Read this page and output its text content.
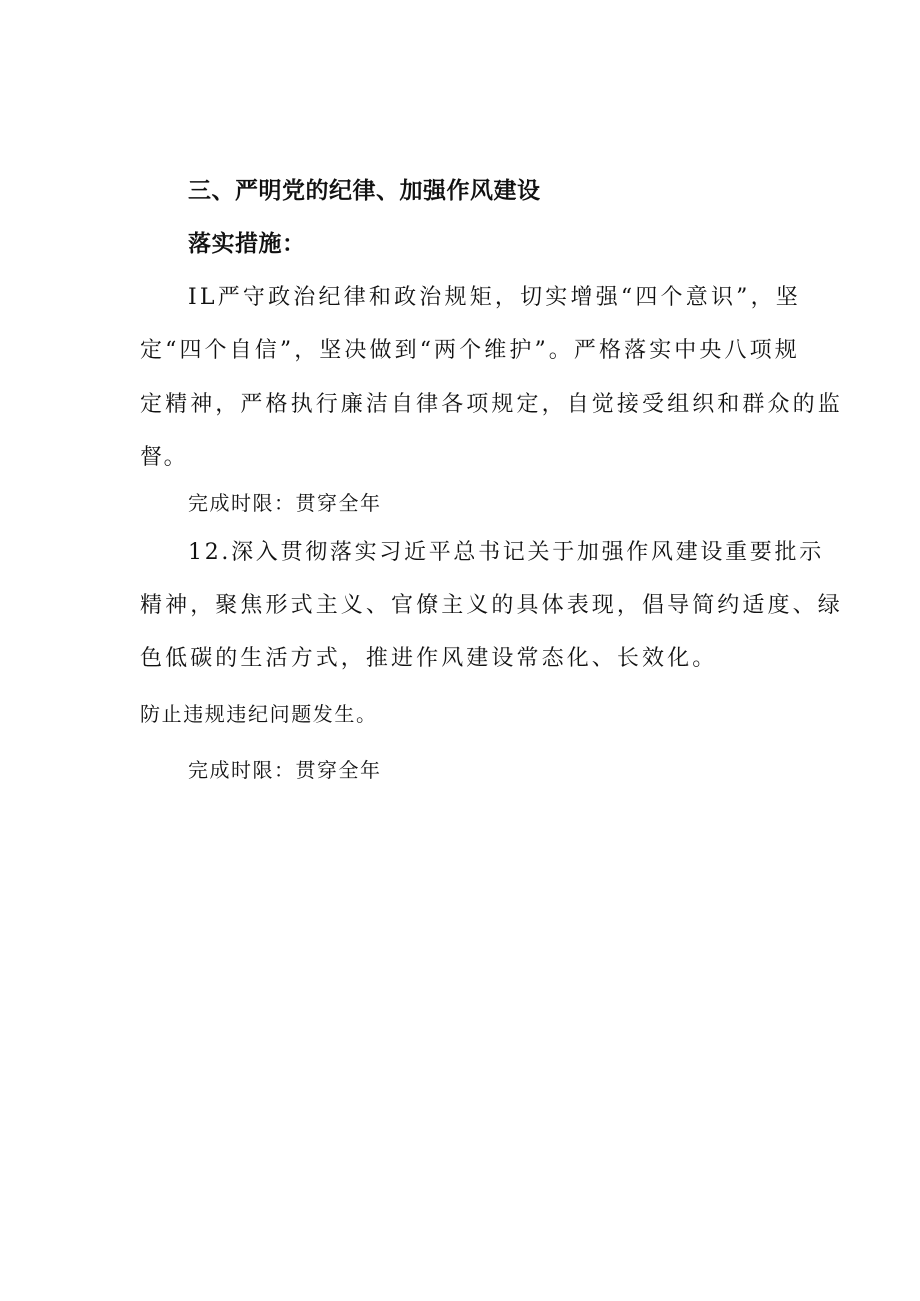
三、严明党的纪律、加强作风建设
落实措施：
IL严守政治纪律和政治规矩，切实增强“四个意识”，坚
定“四个自信”，坚决做到“两个维护”。严格落实中央八项规
定精神，严格执行廉洁自律各项规定，自觉接受组织和群众的监
督。
完成时限：贯穿全年
12.深入贯彻落实习近平总书记关于加强作风建设重要批示
精神，聚焦形式主义、官僚主义的具体表现，倡导简约适度、绿
色低碳的生活方式，推进作风建设常态化、长效化。
防止违规违纪问题发生。
完成时限：贯穿全年
